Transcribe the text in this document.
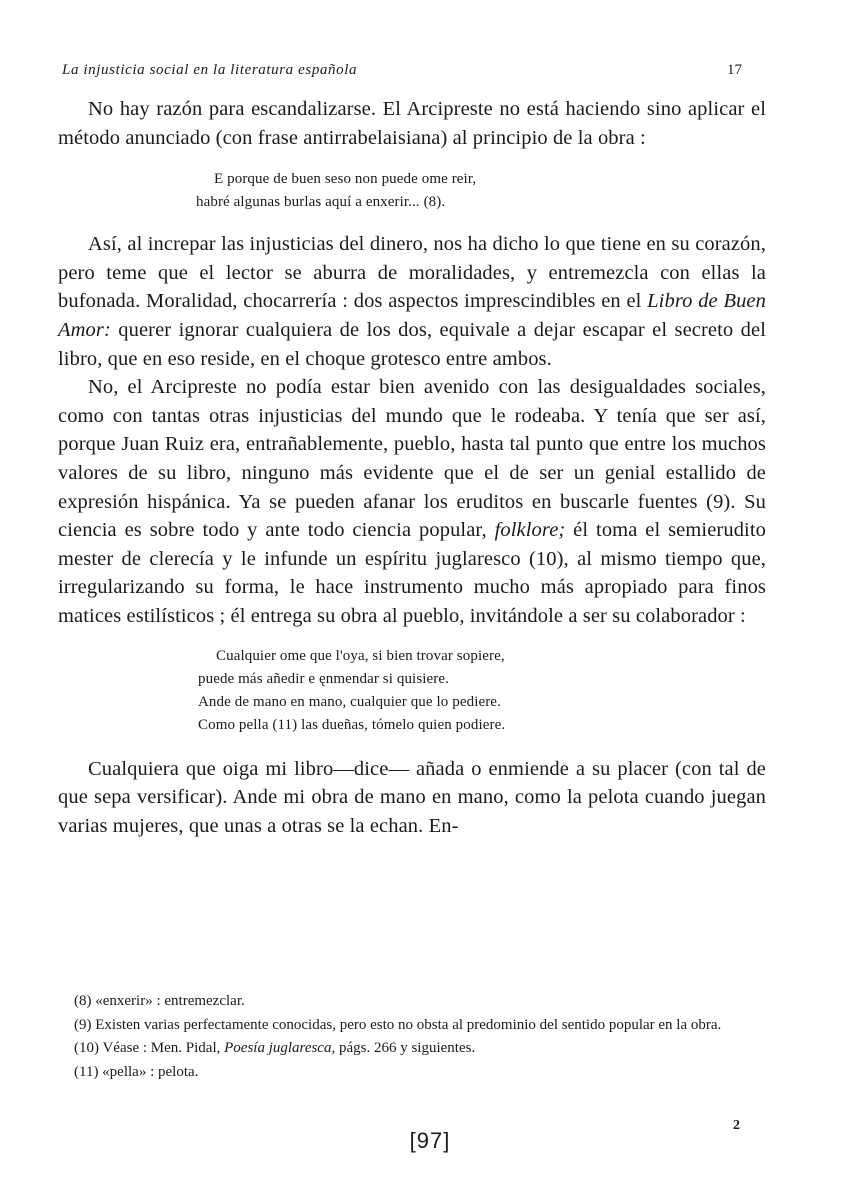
La injusticia social en la literatura española	17

No hay razón para escandalizarse. El Arcipreste no está haciendo sino aplicar el método anunciado (con frase antirrabelaisiana) al principio de la obra :

E porque de buen seso non puede ome reir,
habré algunas burlas aquí a enxerir... (8).

Así, al increpar las injusticias del dinero, nos ha dicho lo que tiene en su corazón, pero teme que el lector se aburra de moralidades, y entremezcla con ellas la bufonada. Moralidad, chocarrería : dos aspectos imprescindibles en el Libro de Buen Amor: querer ignorar cualquiera de los dos, equivale a dejar escapar el secreto del libro, que en eso reside, en el choque grotesco entre ambos.

No, el Arcipreste no podía estar bien avenido con las desigualdades sociales, como con tantas otras injusticias del mundo que le rodeaba. Y tenía que ser así, porque Juan Ruiz era, entrañablemente, pueblo, hasta tal punto que entre los muchos valores de su libro, ninguno más evidente que el de ser un genial estallido de expresión hispánica. Ya se pueden afanar los eruditos en buscarle fuentes (9). Su ciencia es sobre todo y ante todo ciencia popular, folklore; él toma el semierudito mester de clerecía y le infunde un espíritu juglaresco (10), al mismo tiempo que, irregularizando su forma, le hace instrumento mucho más apropiado para finos matices estilísticos ; él entrega su obra al pueblo, invitándole a ser su colaborador :

Cualquier ome que l'oya, si bien trovar sopiere,
puede más añedir e ęnmendar si quisiere.
Ande de mano en mano, cualquier que lo pediere.
Como pella (11) las dueñas, tómelo quien podiere.

Cualquiera que oiga mi libro—dice— añada o enmiende a su placer (con tal de que sepa versificar). Ande mi obra de mano en mano, como la pelota cuando juegan varias mujeres, que unas a otras se la echan. En-

(8) «enxerir» : entremezclar.

(9) Existen varias perfectamente conocidas, pero esto no obsta al predominio del sentido popular en la obra.

(10) Véase : Men. Pidal, Poesía juglaresca, págs. 266 y siguientes.

(11) «pella» : pelota.

2
[97]
